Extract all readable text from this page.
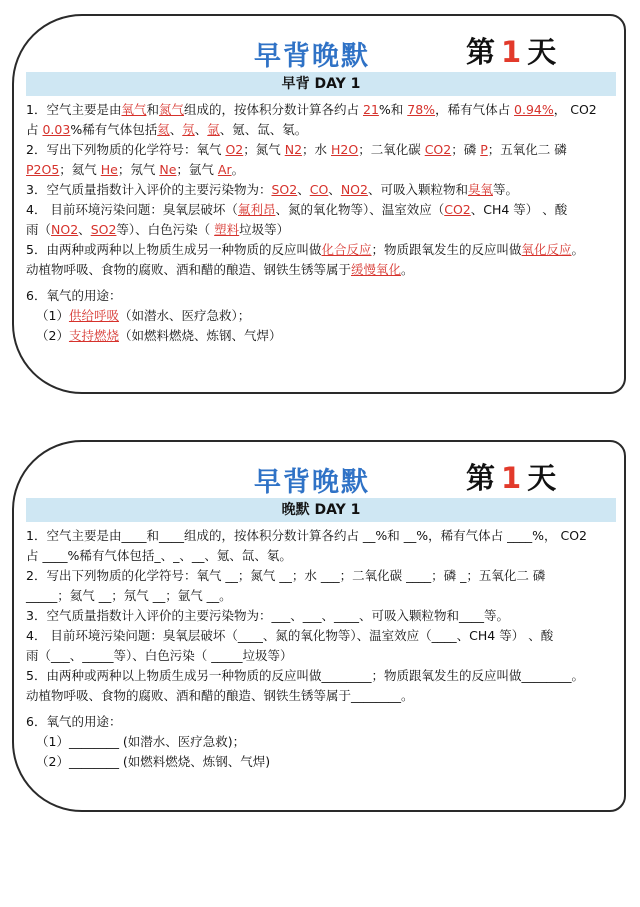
早背晚默	第 1 天
早背 DAY 1

1．空气主要是由氧气和氮气组成的，按体积分数计算各约占 21%和 78%，稀有气体占 0.94%， CO2

占 0.03%稀有气体包括氦、氖、氩、氪、氙、氡。

2．写出下列物质的化学符号：氧气 O2；氮气 N2；水 H2O；二氧化碳 CO2；磷 P；五氧化二 磷

P2O5；氦气 He；氖气 Ne；氩气 Ar。

3．空气质量指数计入评价的主要污染物为：SO2、CO、NO2、可吸入颗粒物和臭氧等。

4． 目前环境污染问题：臭氧层破坏（氟利昂、氮的氧化物等）、温室效应（CO2、CH4 等） 、酸

雨（NO2、SO2等）、白色污染（ 塑料垃圾等）

5．由两种或两种以上物质生成另一种物质的反应叫做化合反应；物质跟氧发生的反应叫做氧化反应。

动植物呼吸、食物的腐败、酒和醋的酿造、钢铁生锈等属于缓慢氧化。

6．氧气的用途：

（1）供给呼吸（如潜水、医疗急救）；

（2）支持燃烧（如燃料燃烧、炼钢、气焊）

早背晚默	第 1 天
晚默 DAY 1

1．空气主要是由____和____组成的，按体积分数计算各约占 __%和 __%，稀有气体占 ____%， CO2

占 ____%稀有气体包括_、_、__、氪、氙、氡。

2．写出下列物质的化学符号：氧气 __；氮气 __；水 ___；二氧化碳 ____；磷 _；五氧化二 磷

_____；氦气 __；氖气 __；氩气 __。

3．空气质量指数计入评价的主要污染物为：___、___、____、可吸入颗粒物和____等。

4． 目前环境污染问题：臭氧层破坏（____、氮的氧化物等）、温室效应（____、CH4 等） 、酸

雨（___、_____等）、白色污染（ _____垃圾等）

5．由两种或两种以上物质生成另一种物质的反应叫做________；物质跟氧发生的反应叫做________。

动植物呼吸、食物的腐败、酒和醋的酿造、钢铁生锈等属于________。

6．氧气的用途：

（1）________ (如潜水、医疗急救)；

（2）________ (如燃料燃烧、炼钢、气焊)
